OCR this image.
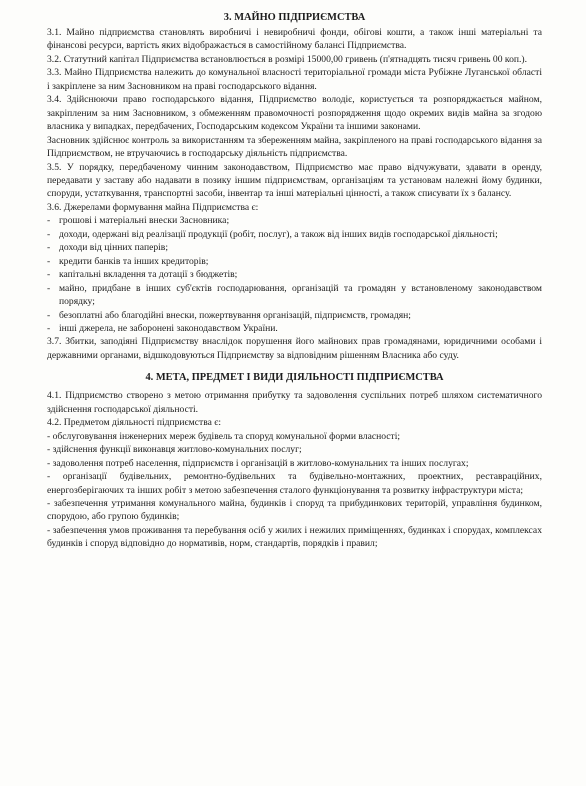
3. МАЙНО ПІДПРИЄМСТВА

3.1. Майно підприємства становлять виробничі і невиробничі фонди, обігові кошти, а також інші матеріальні та фінансові ресурси, вартість яких відображається в самостійному балансі Підприємства.

3.2. Статутний капітал Підприємства встановлюється в розмірі 15000,00 гривень (п'ятнадцять тисяч гривень 00 коп.).

3.3. Майно Підприємства належить до комунальної власності територіальної громади міста Рубіжне Луганської області і закріплене за ним Засновником на праві господарського відання.

3.4. Здійснюючи право господарського відання, Підприємство володіє, користується та розпоряджається майном, закріпленим за ним Засновником, з обмеженням правомочності розпорядження щодо окремих видів майна за згодою власника у випадках, передбачених, Господарським кодексом України та іншими законами.

Засновник здійснює контроль за використанням та збереженням майна, закріпленого на праві господарського відання за Підприємством, не втручаючись в господарську діяльність підприємства.

3.5. У порядку, передбаченому чинним законодавством, Підприємство має право відчужувати, здавати в оренду, передавати у заставу або надавати в позику іншим підприємствам, організаціям та установам належні йому будинки, споруди, устаткування, транспортні засоби, інвентар та інші матеріальні цінності, а також списувати їх з балансу.

3.6. Джерелами формування майна Підприємства є:

- грошові і матеріальні внески Засновника;
- доходи, одержані від реалізації продукції (робіт, послуг), а також від інших видів господарської діяльності;
- доходи від цінних паперів;
- кредити банків та інших кредиторів;
- капітальні вкладення та дотації з бюджетів;
- майно, придбане в інших суб'єктів господарювання, організацій та громадян у встановленому законодавством порядку;
- безоплатні або благодійні внески, пожертвування організацій, підприємств, громадян;
- інші джерела, не заборонені законодавством України.

3.7. Збитки, заподіяні Підприємству внаслідок порушення його майнових прав громадянами, юридичними особами і державними органами, відшкодовуються Підприємству за відповідним рішенням Власника або суду.

4. МЕТА, ПРЕДМЕТ І ВИДИ ДІЯЛЬНОСТІ ПІДПРИЄМСТВА

4.1. Підприємство створено з метою отримання прибутку та задоволення суспільних потреб шляхом систематичного здійснення господарської діяльності.

4.2. Предметом діяльності підприємства є:

- обслуговування інженерних мереж будівель та споруд комунальної форми власності;

- здійснення функції виконавця житлово-комунальних послуг;

- задоволення потреб населення, підприємств і організацій в житлово-комунальних та інших послугах;

- організації будівельних, ремонтно-будівельних та будівельно-монтажних, проектних, реставраційних, енергозберігаючих та інших робіт з метою забезпечення сталого функціонування та розвитку інфраструктури міста;

- забезпечення утримання комунального майна, будинків і споруд та прибудинкових територій, управління будинком, спорудою, або групою будинків;

- забезпечення умов проживання та перебування осіб у жилих і нежилих приміщеннях, будинках і спорудах, комплексах будинків і споруд відповідно до нормативів, норм, стандартів, порядків і правил;
